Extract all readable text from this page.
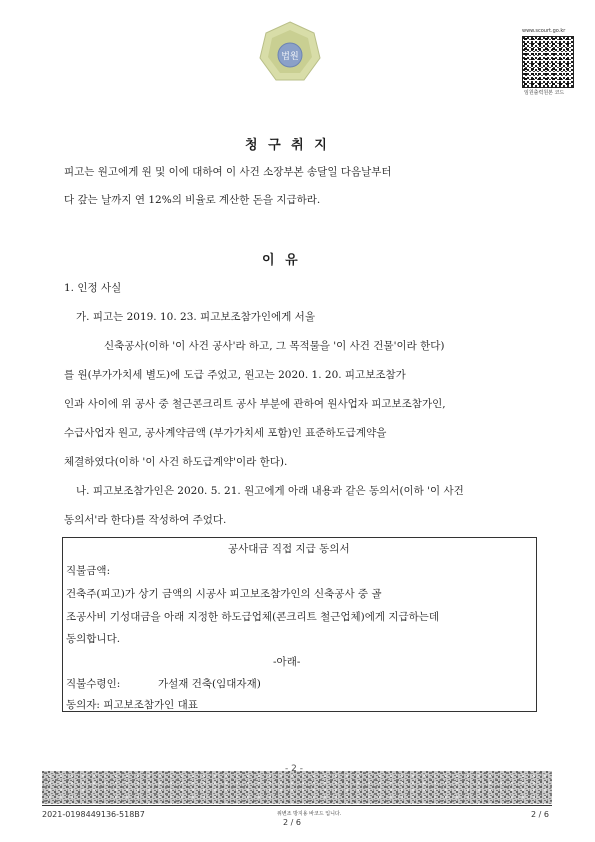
법원
www.scourt.go.kr
임원출력원본 코드
청 구 취 지
피고는 원고에게 원 및 이에 대하여 이 사건 소장부본 송달일 다음날부터
다 갚는 날까지 연 12%의 비율로 계산한 돈을 지급하라.
이 유
1. 인정 사실
가. 피고는 2019. 10. 23. 피고보조참가인에게 서울
신축공사(이하 '이 사건 공사'라 하고, 그 목적물을 '이 사건 건물'이라 한다)
를 원(부가가치세 별도)에 도급 주었고, 원고는 2020. 1. 20. 피고보조참가
인과 사이에 위 공사 중 철근콘크리트 공사 부분에 관하여 원사업자 피고보조참가인,
수급사업자 원고, 공사계약금액 (부가가치세 포함)인 표준하도급계약을
체결하였다(이하 '이 사건 하도급계약'이라 한다).
나. 피고보조참가인은 2020. 5. 21. 원고에게 아래 내용과 같은 동의서(이하 '이 사건
동의서'라 한다)를 작성하여 주었다.
공사대금 직접 지급 동의서
직불금액:
건축주(피고)가 상기 금액의 시공사 피고보조참가인의 신축공사 중 골
조공사비 기성대금을 아래 지정한 하도급업체(콘크리트 철근업체)에게 지급하는데
동의합니다.
-아래-
직불수령인:	가설재 건축(임대자재)
동의자: 피고보조참가인 대표
- 2 -
2021-0198449136-518B7	위변조 방지용 바코드 입니다.
2 / 6
2 / 6
